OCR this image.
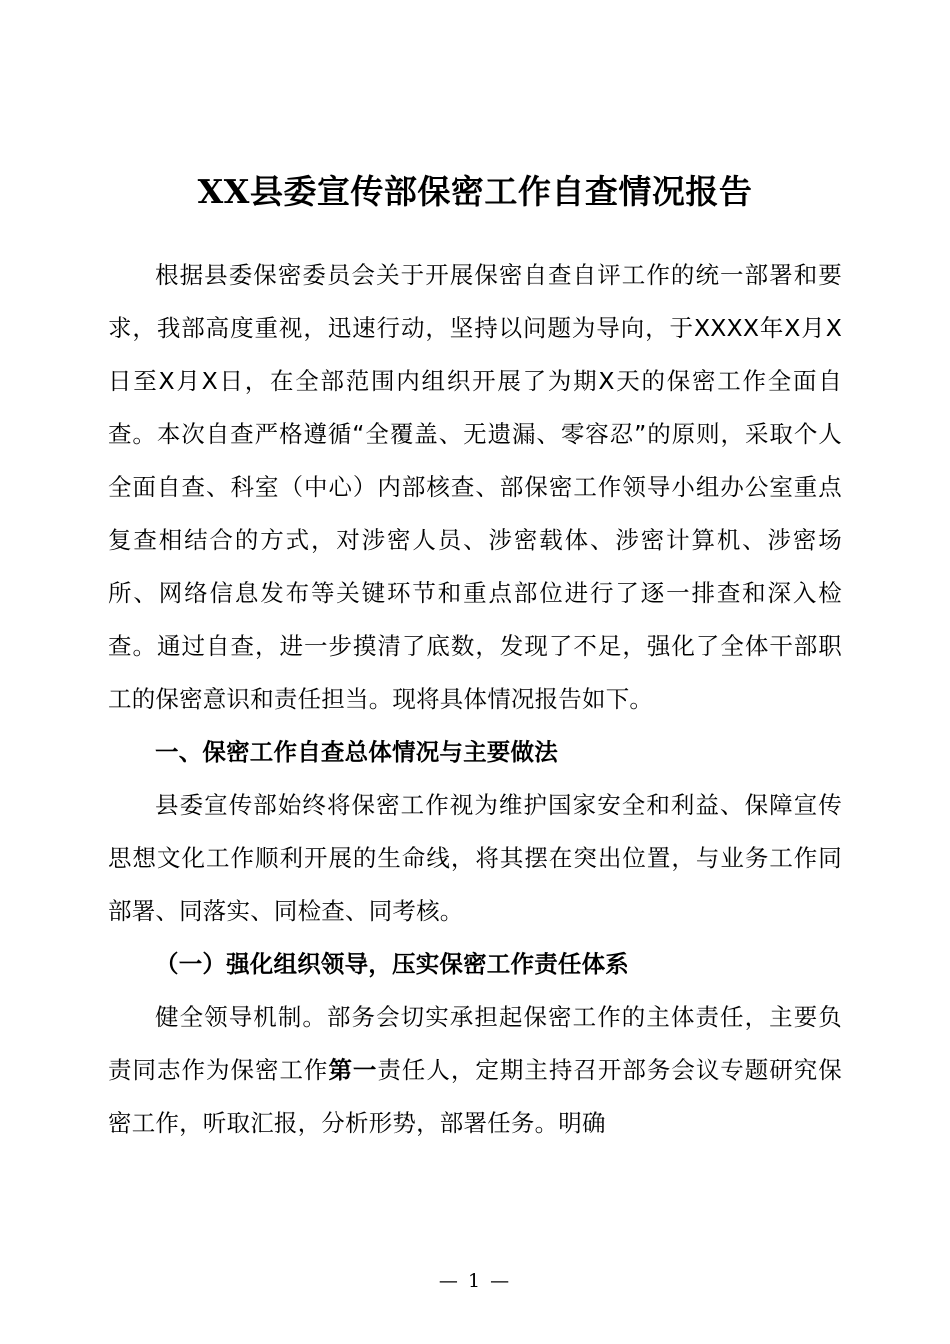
XX县委宣传部保密工作自查情况报告

根据县委保密委员会关于开展保密自查自评工作的统一部署和要求，我部高度重视，迅速行动，坚持以问题为导向，于XXXX年X月X日至X月X日，在全部范围内组织开展了为期X天的保密工作全面自查。本次自查严格遵循“全覆盖、无遗漏、零容忍”的原则，采取个人全面自查、科室（中心）内部核查、部保密工作领导小组办公室重点复查相结合的方式，对涉密人员、涉密载体、涉密计算机、涉密场所、网络信息发布等关键环节和重点部位进行了逐一排查和深入检查。通过自查，进一步摸清了底数，发现了不足，强化了全体干部职工的保密意识和责任担当。现将具体情况报告如下。

一、保密工作自查总体情况与主要做法

县委宣传部始终将保密工作视为维护国家安全和利益、保障宣传思想文化工作顺利开展的生命线，将其摆在突出位置，与业务工作同部署、同落实、同检查、同考核。

（一）强化组织领导，压实保密工作责任体系

健全领导机制。部务会切实承担起保密工作的主体责任，主要负责同志作为保密工作第一责任人，定期主持召开部务会议专题研究保密工作，听取汇报，分析形势，部署任务。明确

— 1 —
